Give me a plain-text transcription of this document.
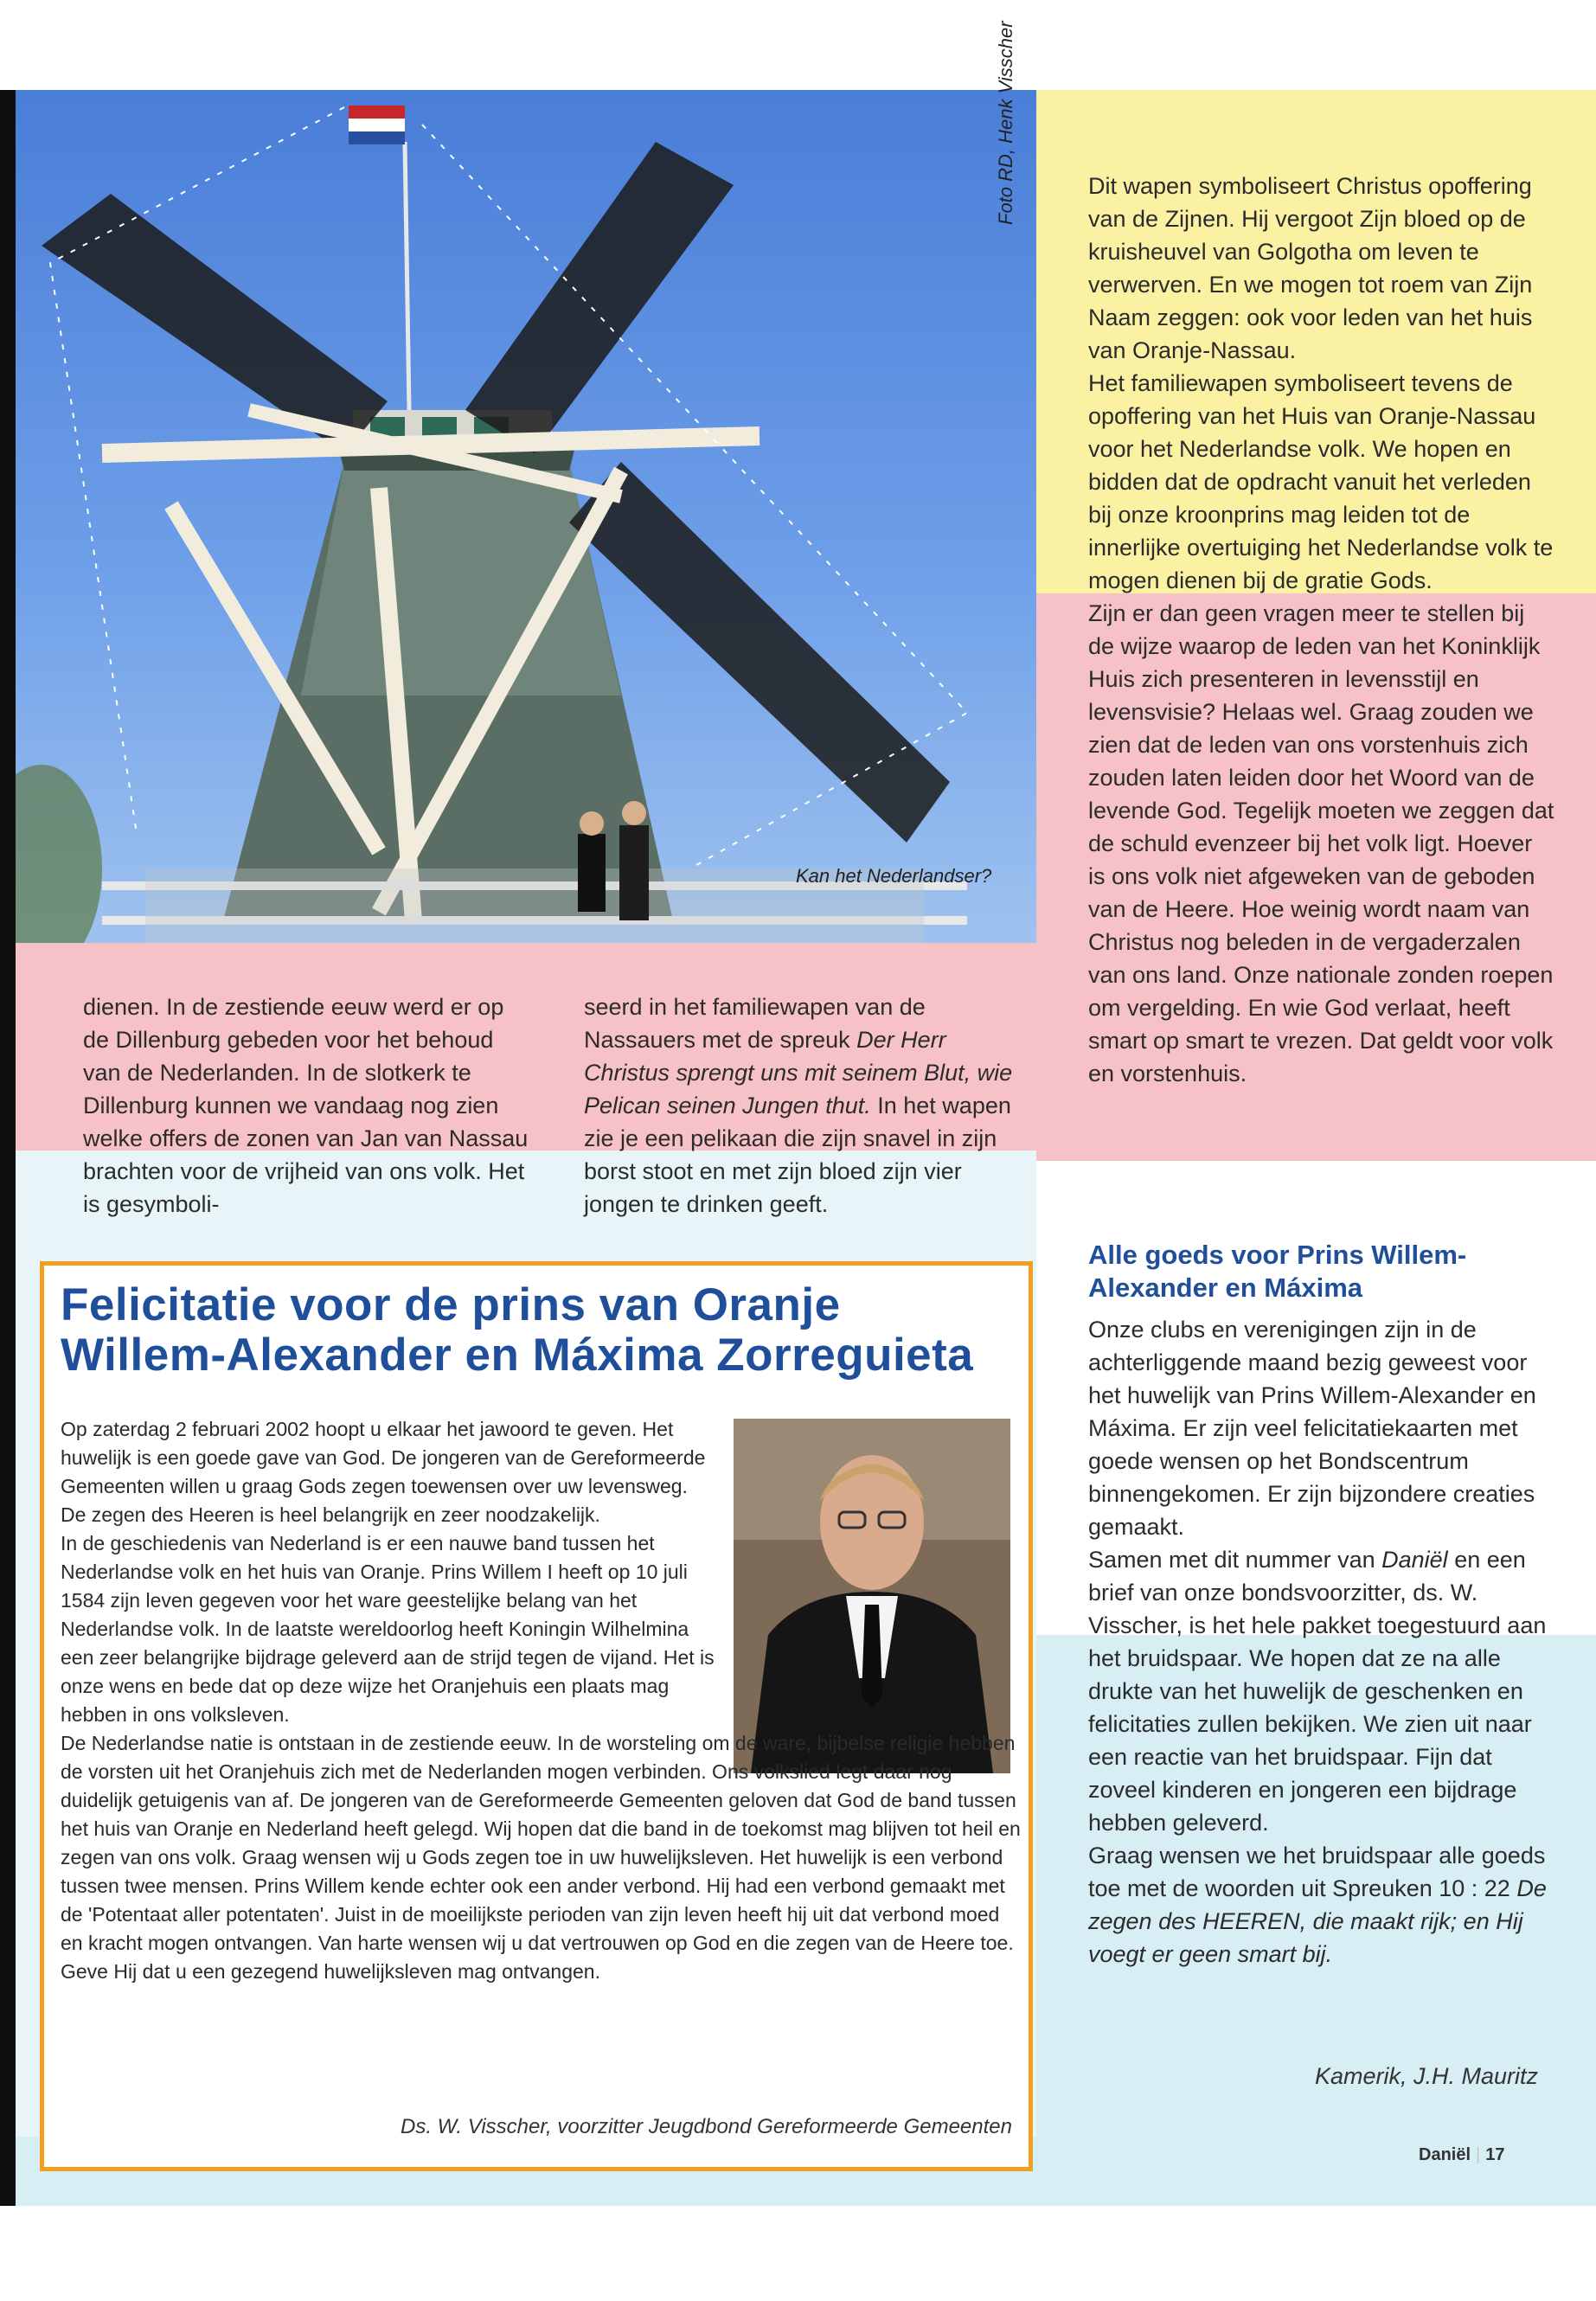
Foto RD, Henk Visscher
Kan het Nederlandser?

dienen. In de zestiende eeuw werd er op de Dillenburg gebeden voor het behoud van de Nederlanden. In de slotkerk te Dillenburg kunnen we vandaag nog zien welke offers de zonen van Jan van Nassau brachten voor de vrijheid van ons volk. Het is gesymboli-

seerd in het familiewapen van de Nassauers met de spreuk Der Herr Christus sprengt uns mit seinem Blut, wie Pelican seinen Jungen thut. In het wapen zie je een pelikaan die zijn snavel in zijn borst stoot en met zijn bloed zijn vier jongen te drinken geeft.

Dit wapen symboliseert Christus opoffering van de Zijnen. Hij vergoot Zijn bloed op de kruisheuvel van Golgotha om leven te verwerven. En we mogen tot roem van Zijn Naam zeggen: ook voor leden van het huis van Oranje-Nassau.

Het familiewapen symboliseert tevens de opoffering van het Huis van Oranje-Nassau voor het Nederlandse volk. We hopen en bidden dat de opdracht vanuit het verleden bij onze kroonprins mag leiden tot de innerlijke overtuiging het Nederlandse volk te mogen dienen bij de gratie Gods.

Zijn er dan geen vragen meer te stellen bij de wijze waarop de leden van het Koninklijk Huis zich presenteren in levensstijl en levensvisie? Helaas wel. Graag zouden we zien dat de leden van ons vorstenhuis zich zouden laten leiden door het Woord van de levende God. Tegelijk moeten we zeggen dat de schuld evenzeer bij het volk ligt. Hoever is ons volk niet afgeweken van de geboden van de Heere. Hoe weinig wordt naam van Christus nog beleden in de vergaderzalen van ons land. Onze nationale zonden roepen om vergelding. En wie God verlaat, heeft smart op smart te vrezen. Dat geldt voor volk en vorstenhuis.

Felicitatie voor de prins van Oranje
Willem-Alexander en Máxima Zorreguieta

Op zaterdag 2 februari 2002 hoopt u elkaar het jawoord te geven. Het huwelijk is een goede gave van God. De jongeren van de Gereformeerde Gemeenten willen u graag Gods zegen toewensen over uw levensweg. De zegen des Heeren is heel belangrijk en zeer noodzakelijk.

In de geschiedenis van Nederland is er een nauwe band tussen het Nederlandse volk en het huis van Oranje. Prins Willem I heeft op 10 juli 1584 zijn leven gegeven voor het ware geestelijke belang van het Nederlandse volk. In de laatste wereldoorlog heeft Koningin Wilhelmina een zeer belangrijke bijdrage geleverd aan de strijd tegen de vijand. Het is onze wens en bede dat op deze wijze het Oranjehuis een plaats mag hebben in ons volksleven.

De Nederlandse natie is ontstaan in de zestiende eeuw. In de worsteling om de ware, bijbelse religie hebben de vorsten uit het Oranjehuis zich met de Nederlanden mogen verbinden. Ons volkslied legt daar nog duidelijk getuigenis van af. De jongeren van de Gereformeerde Gemeenten geloven dat God de band tussen het huis van Oranje en Nederland heeft gelegd. Wij hopen dat die band in de toekomst mag blijven tot heil en zegen van ons volk. Graag wensen wij u Gods zegen toe in uw huwelijksleven. Het huwelijk is een verbond tussen twee mensen. Prins Willem kende echter ook een ander verbond. Hij had een verbond gemaakt met de 'Potentaat aller potentaten'. Juist in de moeilijkste perioden van zijn leven heeft hij uit dat verbond moed en kracht mogen ontvangen. Van harte wensen wij u dat vertrouwen op God en die zegen van de Heere toe. Geve Hij dat u een gezegend huwelijksleven mag ontvangen.

Ds. W. Visscher, voorzitter Jeugdbond Gereformeerde Gemeenten
Alle goeds voor Prins Willem-Alexander en Máxima

Onze clubs en verenigingen zijn in de achterliggende maand bezig geweest voor het huwelijk van Prins Willem-Alexander en Máxima. Er zijn veel felicitatiekaarten met goede wensen op het Bondscentrum binnengekomen. Er zijn bijzondere creaties gemaakt.

Samen met dit nummer van Daniël en een brief van onze bondsvoorzitter, ds. W. Visscher, is het hele pakket toegestuurd aan het bruidspaar. We hopen dat ze na alle drukte van het huwelijk de geschenken en felicitaties zullen bekijken. We zien uit naar een reactie van het bruidspaar. Fijn dat zoveel kinderen en jongeren een bijdrage hebben geleverd.

Graag wensen we het bruidspaar alle goeds toe met de woorden uit Spreuken 10 : 22 De zegen des HEEREN, die maakt rijk; en Hij voegt er geen smart bij.

Kamerik, J.H. Mauritz
Daniël | 17
